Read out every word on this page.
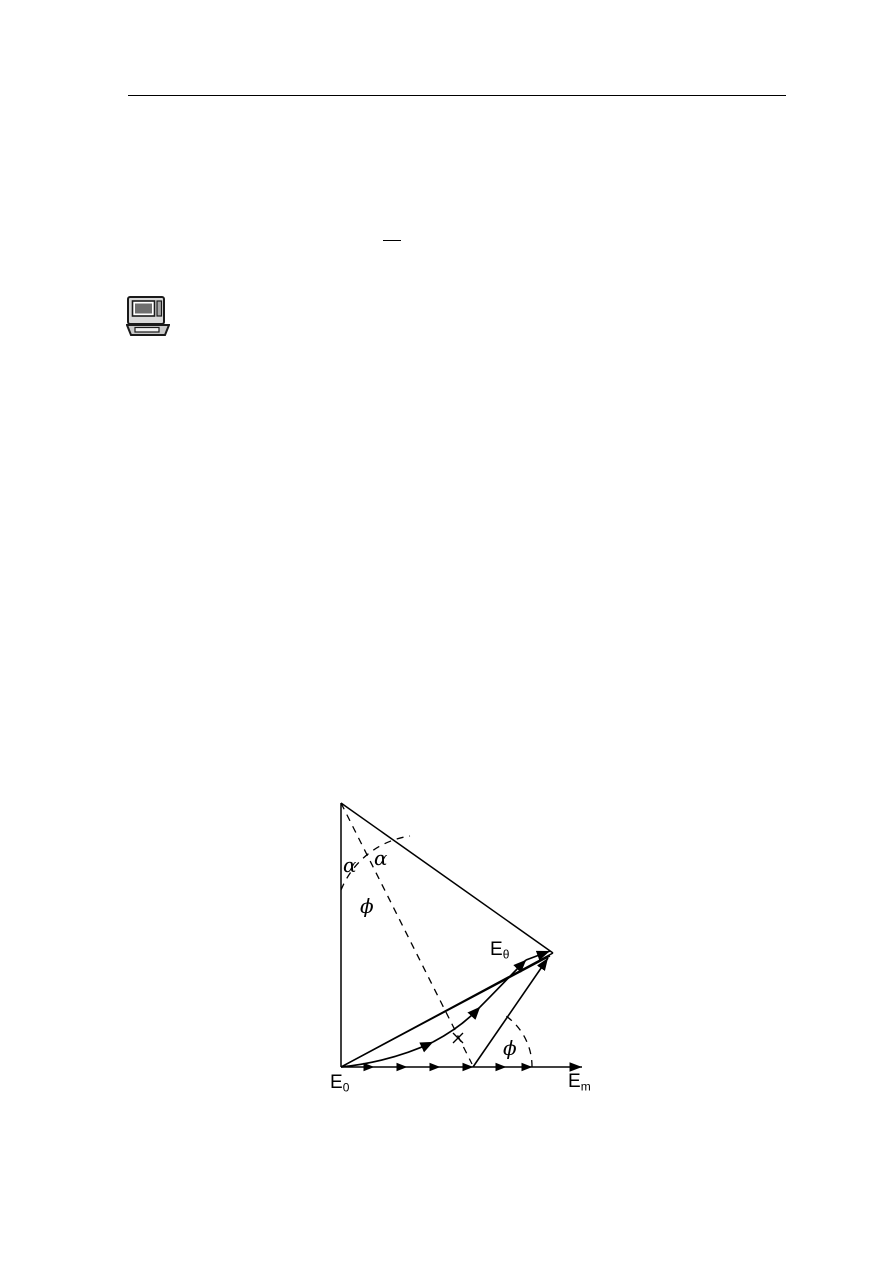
$E_0$	$E_m$
$E_\theta$
α α
ϕ
ϕ
